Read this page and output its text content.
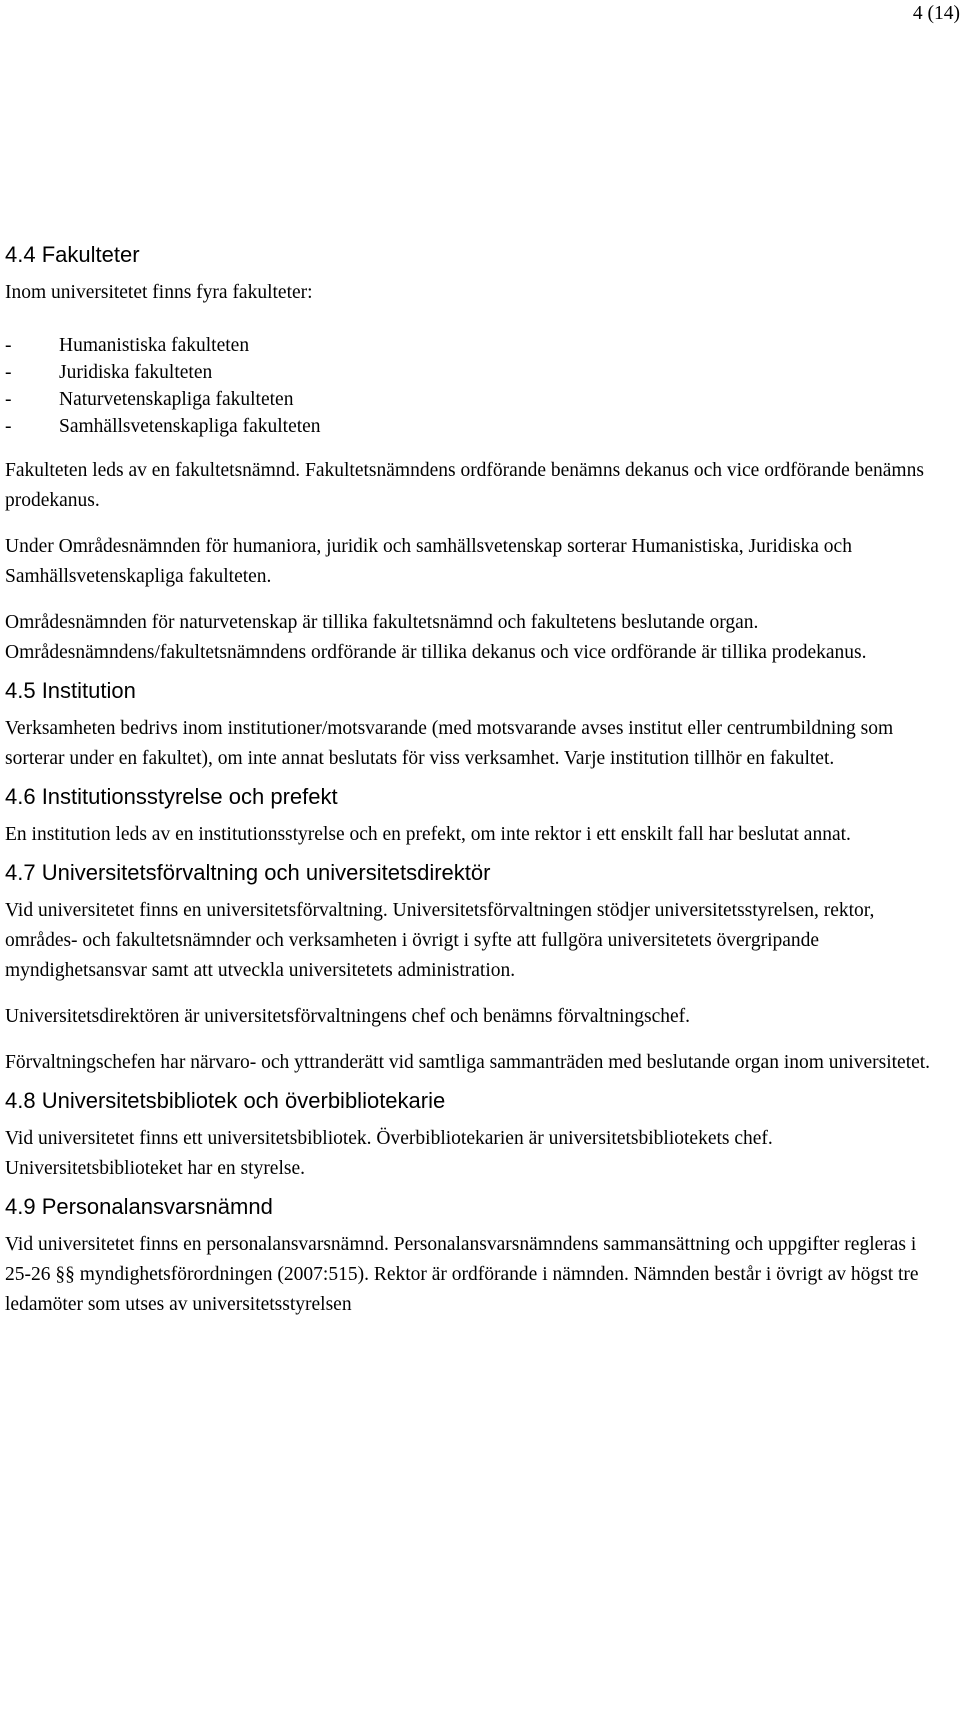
4 (14)
4.4 Fakulteter

Inom universitetet finns fyra fakulteter:

- Humanistiska fakulteten
- Juridiska fakulteten
- Naturvetenskapliga fakulteten
- Samhällsvetenskapliga fakulteten

Fakulteten leds av en fakultetsnämnd. Fakultetsnämndens ordförande benämns dekanus och vice ordförande benämns prodekanus.

Under Områdesnämnden för humaniora, juridik och samhällsvetenskap sorterar Humanistiska, Juridiska och Samhällsvetenskapliga fakulteten.

Områdesnämnden för naturvetenskap är tillika fakultetsnämnd och fakultetens beslutande organ. Områdesnämndens/fakultetsnämndens ordförande är tillika dekanus och vice ordförande är tillika prodekanus.

4.5 Institution

Verksamheten bedrivs inom institutioner/motsvarande (med motsvarande avses institut eller centrumbildning som sorterar under en fakultet), om inte annat beslutats för viss verksamhet. Varje institution tillhör en fakultet.

4.6 Institutionsstyrelse och prefekt

En institution leds av en institutionsstyrelse och en prefekt, om inte rektor i ett enskilt fall har beslutat annat.

4.7 Universitetsförvaltning och universitetsdirektör

Vid universitetet finns en universitetsförvaltning. Universitetsförvaltningen stödjer universitetsstyrelsen, rektor, områdes- och fakultetsnämnder och verksamheten i övrigt i syfte att fullgöra universitetets övergripande myndighetsansvar samt att utveckla universitetets administration.

Universitetsdirektören är universitetsförvaltningens chef och benämns förvaltningschef.

Förvaltningschefen har närvaro- och yttranderätt vid samtliga sammanträden med beslutande organ inom universitetet.

4.8 Universitetsbibliotek och överbibliotekarie

Vid universitetet finns ett universitetsbibliotek. Överbibliotekarien är universitetsbibliotekets chef. Universitetsbiblioteket har en styrelse.

4.9 Personalansvarsnämnd

Vid universitetet finns en personalansvarsnämnd. Personalansvarsnämndens sammansättning och uppgifter regleras i 25-26 §§ myndighetsförordningen (2007:515). Rektor är ordförande i nämnden. Nämnden består i övrigt av högst tre ledamöter som utses av universitetsstyrelsen
